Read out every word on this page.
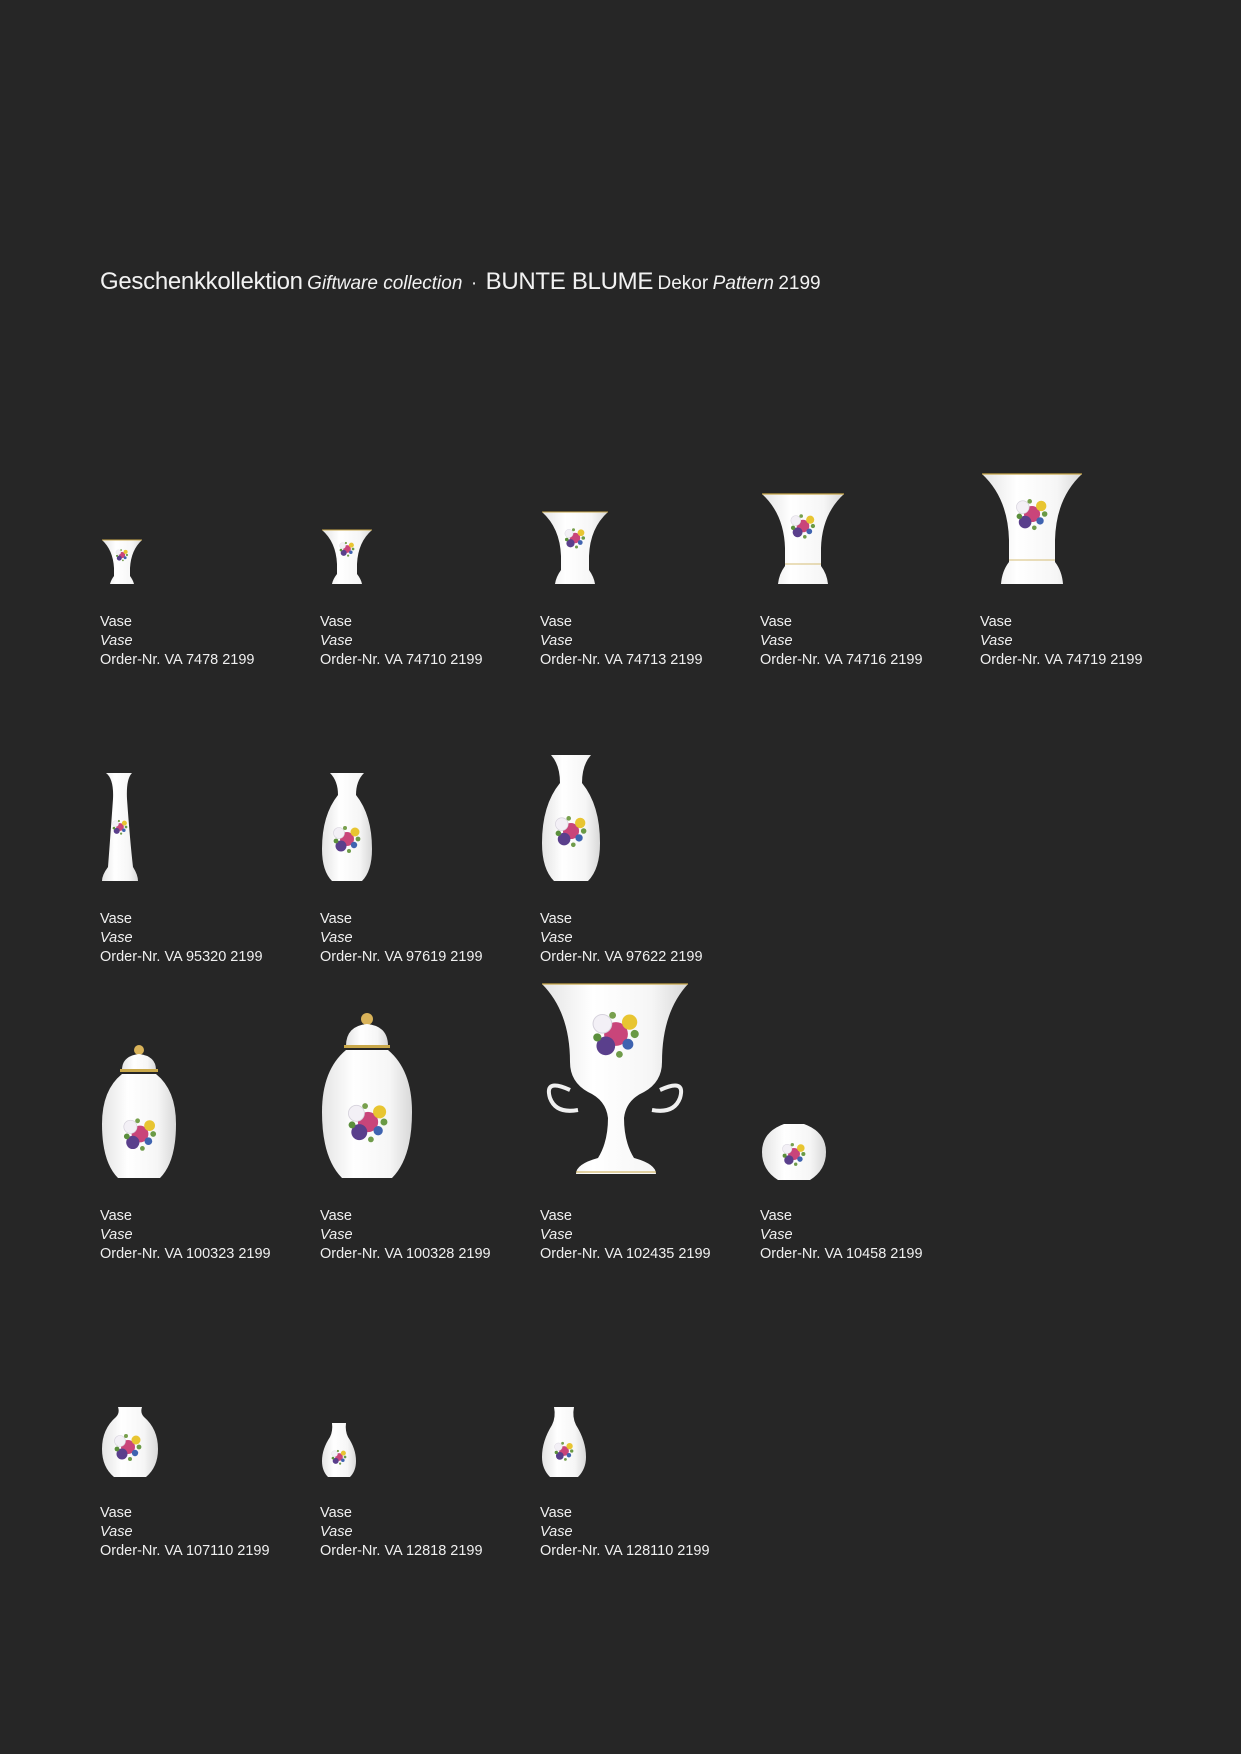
Geschenkkollektion Giftware collection · BUNTE BLUME Dekor Pattern 2199
Vase
Vase
Order-Nr. VA 7478 2199
Vase
Vase
Order-Nr. VA 74710 2199
Vase
Vase
Order-Nr. VA 74713 2199
Vase
Vase
Order-Nr. VA 74716 2199
Vase
Vase
Order-Nr. VA 74719 2199
Vase
Vase
Order-Nr. VA 95320 2199
Vase
Vase
Order-Nr. VA 97619 2199
Vase
Vase
Order-Nr. VA 97622 2199
Vase
Vase
Order-Nr. VA 100323 2199
Vase
Vase
Order-Nr. VA 100328 2199
Vase
Vase
Order-Nr. VA 102435 2199
Vase
Vase
Order-Nr. VA 10458 2199
Vase
Vase
Order-Nr. VA 107110 2199
Vase
Vase
Order-Nr. VA 12818 2199
Vase
Vase
Order-Nr. VA 128110 2199
